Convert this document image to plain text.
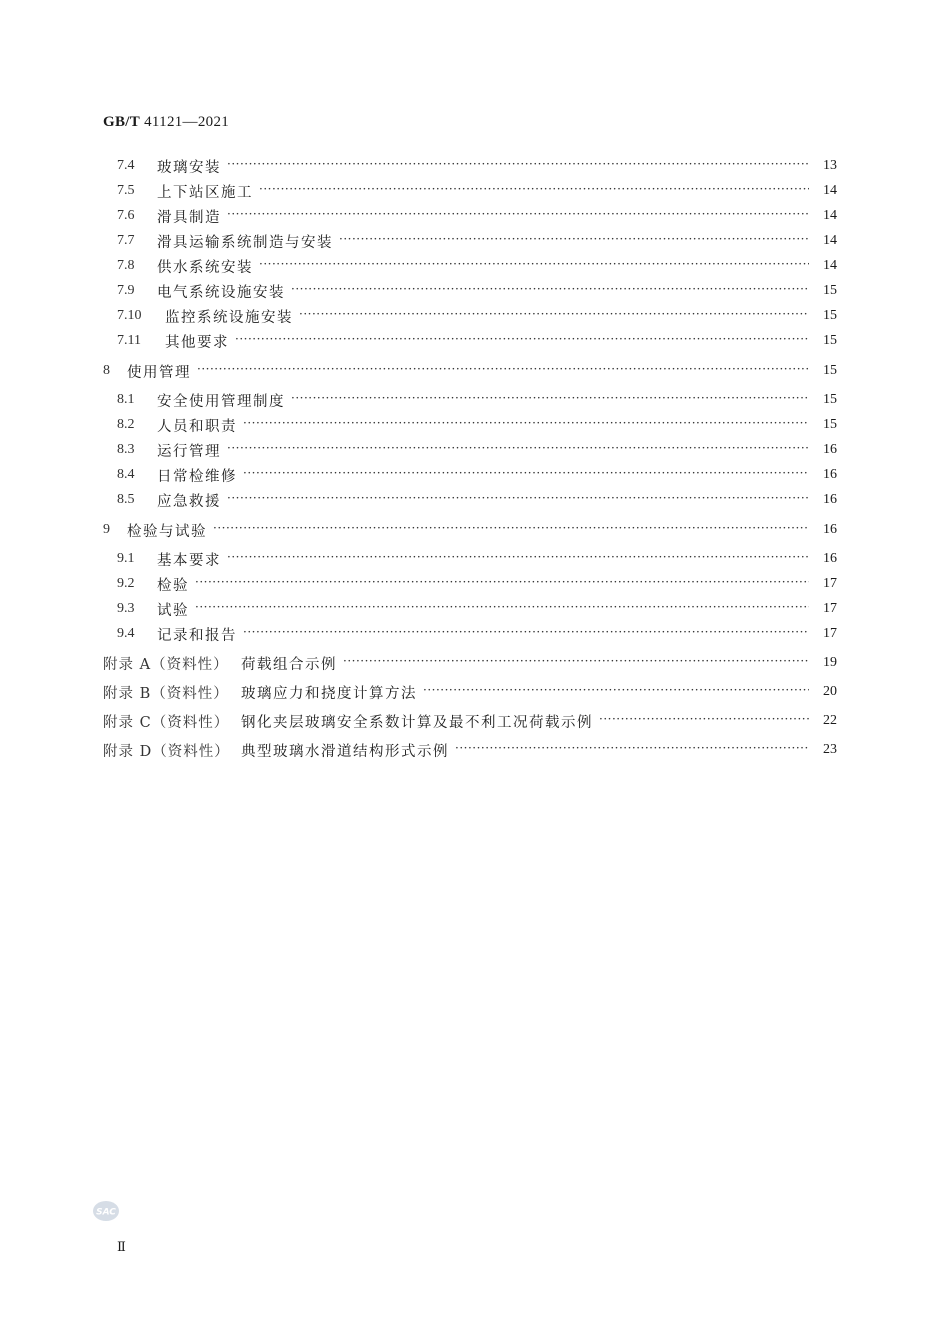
GB/T 41121—2021
7.4	玻璃安装 ·····	13
7.5	上下站区施工 ·····	14
7.6	滑具制造 ·····	14
7.7	滑具运输系统制造与安装 ·····	14
7.8	供水系统安装 ·····	14
7.9	电气系统设施安装 ·····	15
7.10	监控系统设施安装 ·····	15
7.11	其他要求 ·····	15
8	使用管理 ·····	15
8.1	安全使用管理制度 ·····	15
8.2	人员和职责 ·····	15
8.3	运行管理 ·····	16
8.4	日常检维修 ·····	16
8.5	应急救援 ·····	16
9	检验与试验 ·····	16
9.1	基本要求 ·····	16
9.2	检验 ·····	17
9.3	试验 ·····	17
9.4	记录和报告 ·····	17
附录 A（资料性） 荷载组合示例 ·····	19
附录 B（资料性） 玻璃应力和挠度计算方法 ·····	20
附录 C（资料性） 钢化夹层玻璃安全系数计算及最不利工况荷载示例 ·····	22
附录 D（资料性） 典型玻璃水滑道结构形式示例 ·····	23
SAC
Ⅱ
